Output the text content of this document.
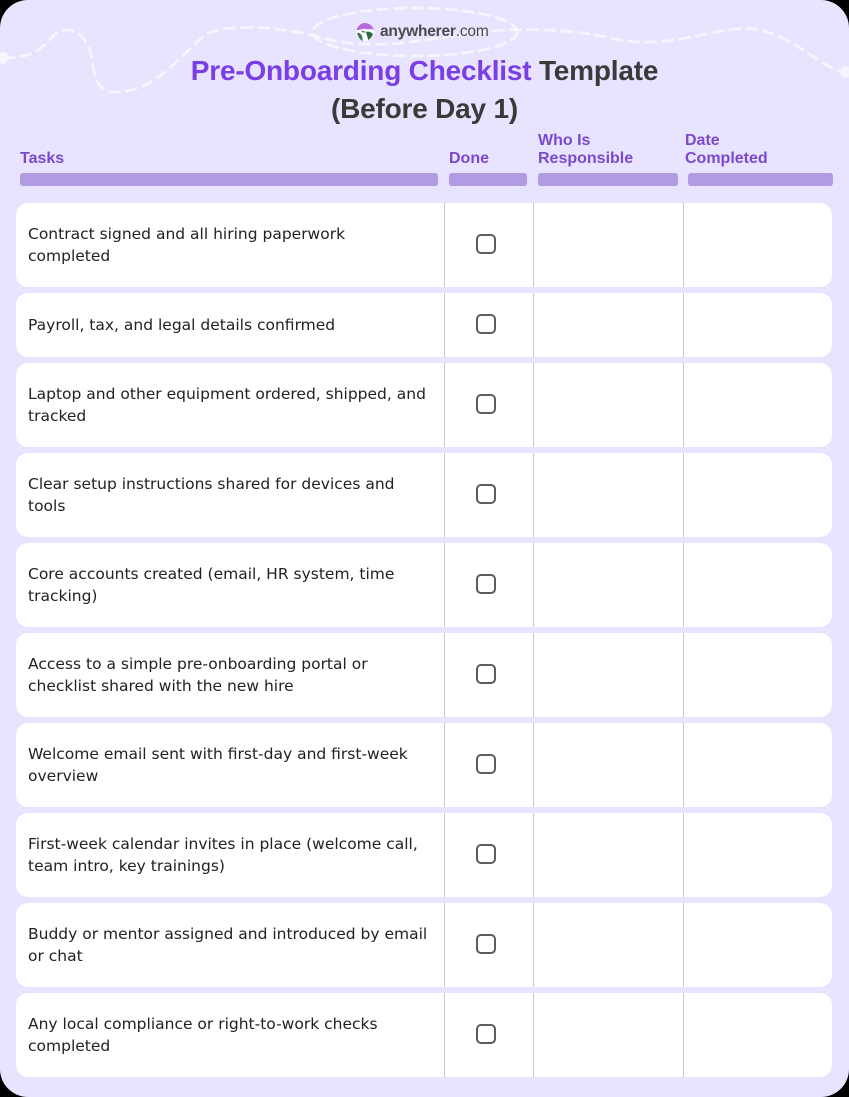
anywherer.com
Pre-Onboarding Checklist Template
(Before Day 1)
Tasks	Done
Who Is
Responsible
Date
Completed
Contract signed and all hiring paperwork completed
Payroll, tax, and legal details confirmed
Laptop and other equipment ordered, shipped, and tracked
Clear setup instructions shared for devices and tools
Core accounts created (email, HR system, time tracking)
Access to a simple pre-onboarding portal or checklist shared with the new hire
Welcome email sent with first-day and first-week overview
First-week calendar invites in place (welcome call, team intro, key trainings)
Buddy or mentor assigned and introduced by email or chat
Any local compliance or right-to-work checks completed
